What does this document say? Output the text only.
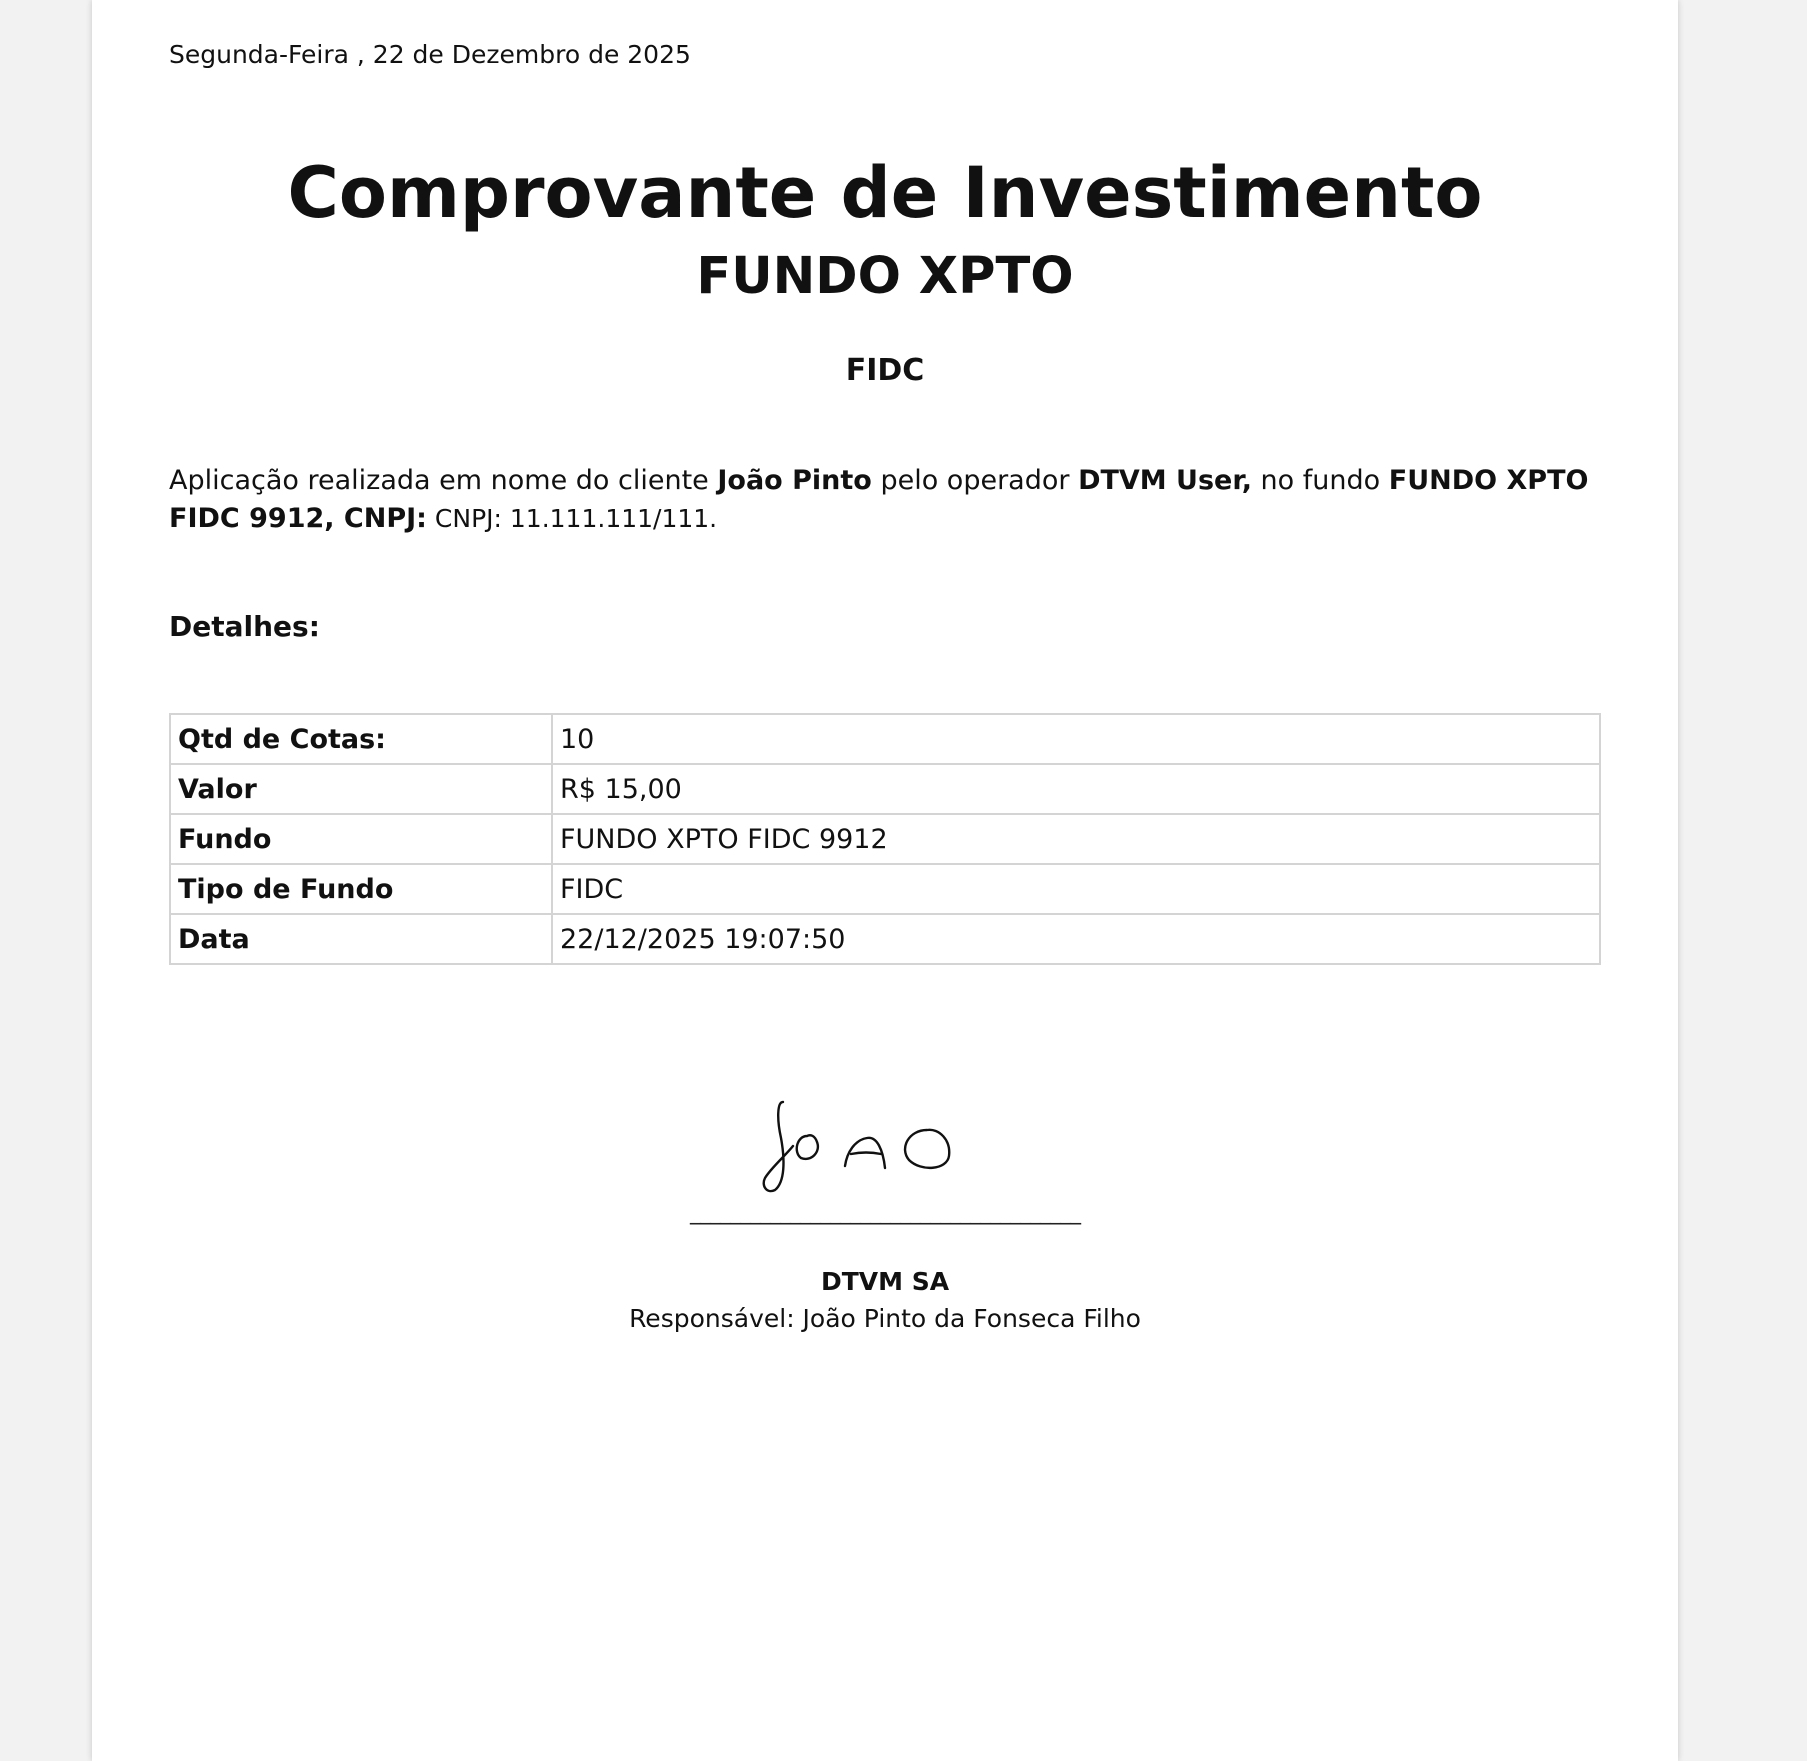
Segunda-Feira , 22 de Dezembro de 2025
Comprovante de Investimento
FUNDO XPTO
FIDC
Aplicação realizada em nome do cliente João Pinto pelo operador DTVM User, no fundo FUNDO XPTO FIDC 9912, CNPJ: CNPJ: 11.111.111/111.
Detalhes:
Qtd de Cotas:	10
Valor	R$ 15,00
Fundo	FUNDO XPTO FIDC 9912
Tipo de Fundo	FIDC
Data	22/12/2025 19:07:50
_______________________________________
DTVM SA
Responsável: João Pinto da Fonseca Filho
